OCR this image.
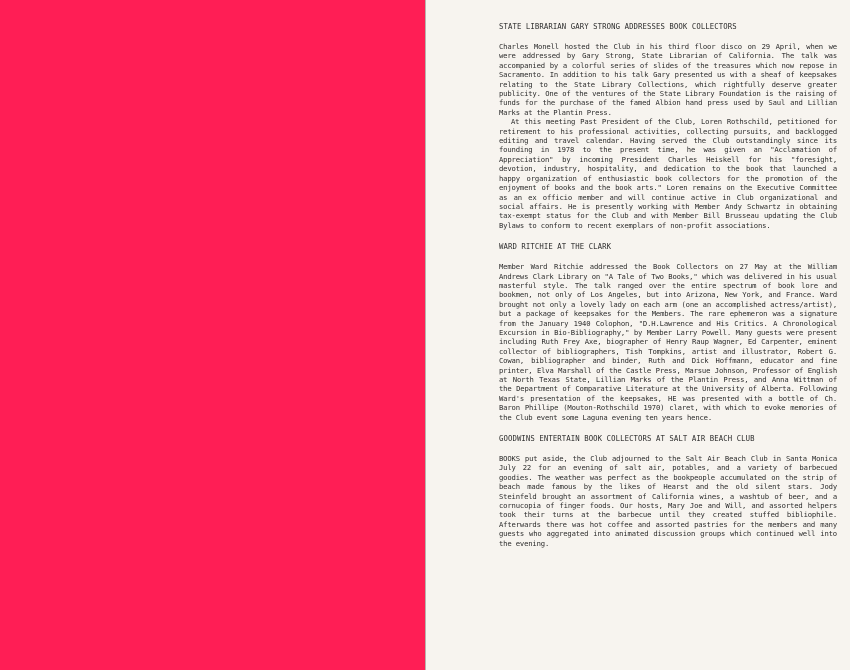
STATE LIBRARIAN GARY STRONG ADDRESSES BOOK COLLECTORS

Charles Monell hosted the Club in his third floor disco on 29 April, when we were addressed by Gary Strong, State Librarian of California. The talk was accompanied by a colorful series of slides of the treasures which now repose in Sacramento. In addition to his talk Gary presented us with a sheaf of keepsakes relating to the State Library Collections, which rightfully deserve greater publicity. One of the ventures of the State Library Foundation is the raising of funds for the purchase of the famed Albion hand press used by Saul and Lillian Marks at the Plantin Press.

At this meeting Past President of the Club, Loren Rothschild, petitioned for retirement to his professional activities, collecting pursuits, and backlogged editing and travel calendar. Having served the Club outstandingly since its founding in 1978 to the present time, he was given an "Acclamation of Appreciation" by incoming President Charles Heiskell for his "foresight, devotion, industry, hospitality, and dedication to the book that launched a happy organization of enthusiastic book collectors for the promotion of the enjoyment of books and the book arts." Loren remains on the Executive Committee as an ex officio member and will continue active in Club organizational and social affairs. He is presently working with Member Andy Schwartz in obtaining tax-exempt status for the Club and with Member Bill Brusseau updating the Club Bylaws to conform to recent exemplars of non-profit associations.

WARD RITCHIE AT THE CLARK

Member Ward Ritchie addressed the Book Collectors on 27 May at the William Andrews Clark Library on "A Tale of Two Books," which was delivered in his usual masterful style. The talk ranged over the entire spectrum of book lore and bookmen, not only of Los Angeles, but into Arizona, New York, and France. Ward brought not only a lovely lady on each arm (one an accomplished actress/artist), but a package of keepsakes for the Members. The rare ephemeron was a signature from the January 1940 Colophon, "D.H.Lawrence and His Critics. A Chronological Excursion in Bio-Bibliography," by Member Larry Powell. Many guests were present including Ruth Frey Axe, biographer of Henry Raup Wagner, Ed Carpenter, eminent collector of bibliographers, Tish Tompkins, artist and illustrator, Robert G. Cowan, bibliographer and binder, Ruth and Dick Hoffmann, educator and fine printer, Elva Marshall of the Castle Press, Marsue Johnson, Professor of English at North Texas State, Lillian Marks of the Plantin Press, and Anna Wittman of the Department of Comparative Literature at the University of Alberta. Following Ward's presentation of the keepsakes, HE was presented with a bottle of Ch. Baron Phillipe (Mouton-Rothschild 1970) claret, with which to evoke memories of the Club event some Laguna evening ten years hence.

GOODWINS ENTERTAIN BOOK COLLECTORS AT SALT AIR BEACH CLUB

BOOKS put aside, the Club adjourned to the Salt Air Beach Club in Santa Monica July 22 for an evening of salt air, potables, and a variety of barbecued goodies. The weather was perfect as the bookpeople accumulated on the strip of beach made famous by the likes of Hearst and the old silent stars. Jody Steinfeld brought an assortment of California wines, a washtub of beer, and a cornucopia of finger foods. Our hosts, Mary Joe and Will, and assorted helpers took their turns at the barbecue until they created stuffed bibliophile. Afterwards there was hot coffee and assorted pastries for the members and many guests who aggregated into animated discussion groups which continued well into the evening.
